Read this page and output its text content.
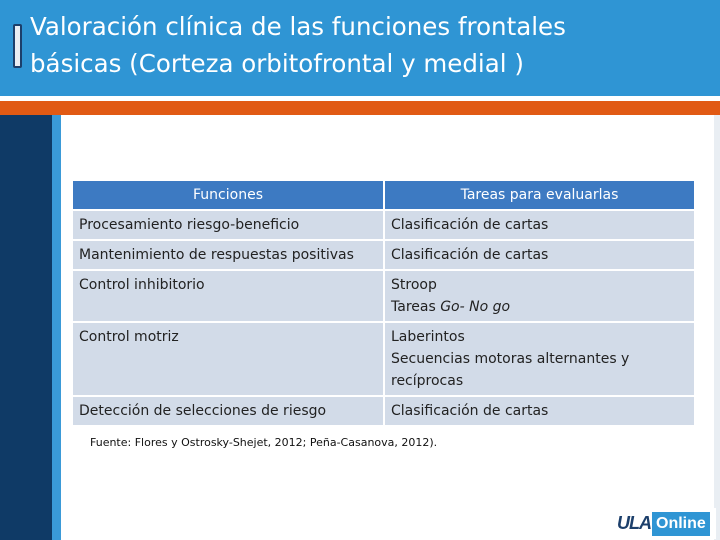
Valoración clínica de las funciones frontales
básicas (Corteza orbitofrontal y medial )
Funciones	Tareas para evaluarlas
Procesamiento riesgo-beneficio	Clasificación de cartas
Mantenimiento de respuestas positivas	Clasificación de cartas
Control inhibitorio	Stroop
Tareas Go- No go

Control motriz	Laberintos
Secuencias motoras alternantes y recíprocas

Detección de selecciones de riesgo	Clasificación de cartas
Fuente: Flores y Ostrosky-Shejet, 2012; Peña-Casanova, 2012).
ULA Online
